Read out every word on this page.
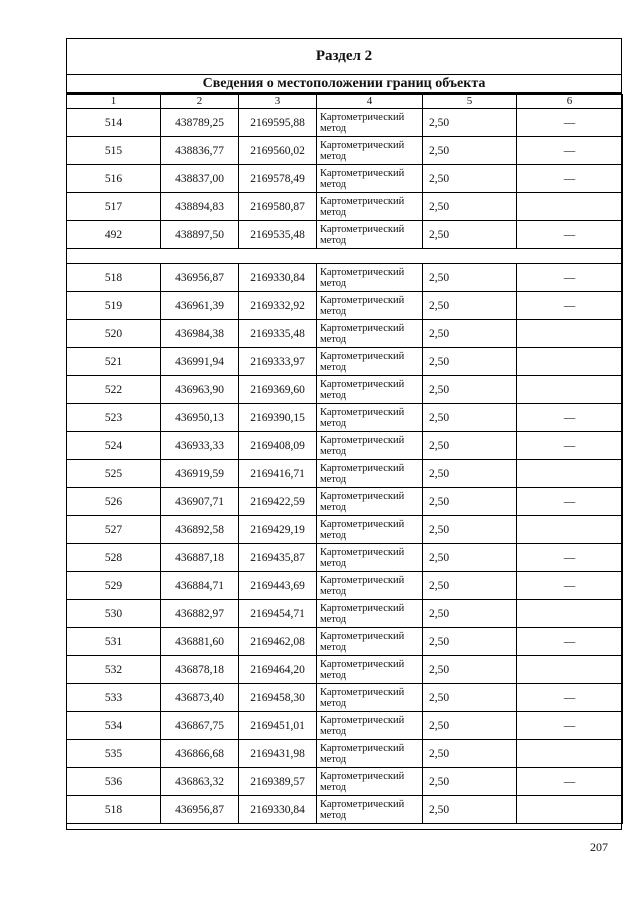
Раздел 2
Сведения о местоположении границ объекта
1	2	3	4	5	6
514	438789,25	2169595,88	Картометрический метод	2,50	—
515	438836,77	2169560,02	Картометрический метод	2,50	—
516	438837,00	2169578,49	Картометрический метод	2,50	—
517	438894,83	2169580,87	Картометрический метод	2,50	
492	438897,50	2169535,48	Картометрический метод	2,50	—

518	436956,87	2169330,84	Картометрический метод	2,50	—
519	436961,39	2169332,92	Картометрический метод	2,50	—
520	436984,38	2169335,48	Картометрический метод	2,50	
521	436991,94	2169333,97	Картометрический метод	2,50	
522	436963,90	2169369,60	Картометрический метод	2,50	
523	436950,13	2169390,15	Картометрический метод	2,50	—
524	436933,33	2169408,09	Картометрический метод	2,50	—
525	436919,59	2169416,71	Картометрический метод	2,50	
526	436907,71	2169422,59	Картометрический метод	2,50	—
527	436892,58	2169429,19	Картометрический метод	2,50	
528	436887,18	2169435,87	Картометрический метод	2,50	—
529	436884,71	2169443,69	Картометрический метод	2,50	—
530	436882,97	2169454,71	Картометрический метод	2,50	
531	436881,60	2169462,08	Картометрический метод	2,50	—
532	436878,18	2169464,20	Картометрический метод	2,50	
533	436873,40	2169458,30	Картометрический метод	2,50	—
534	436867,75	2169451,01	Картометрический метод	2,50	—
535	436866,68	2169431,98	Картометрический метод	2,50	
536	436863,32	2169389,57	Картометрический метод	2,50	—
518	436956,87	2169330,84	Картометрический метод	2,50	
207
